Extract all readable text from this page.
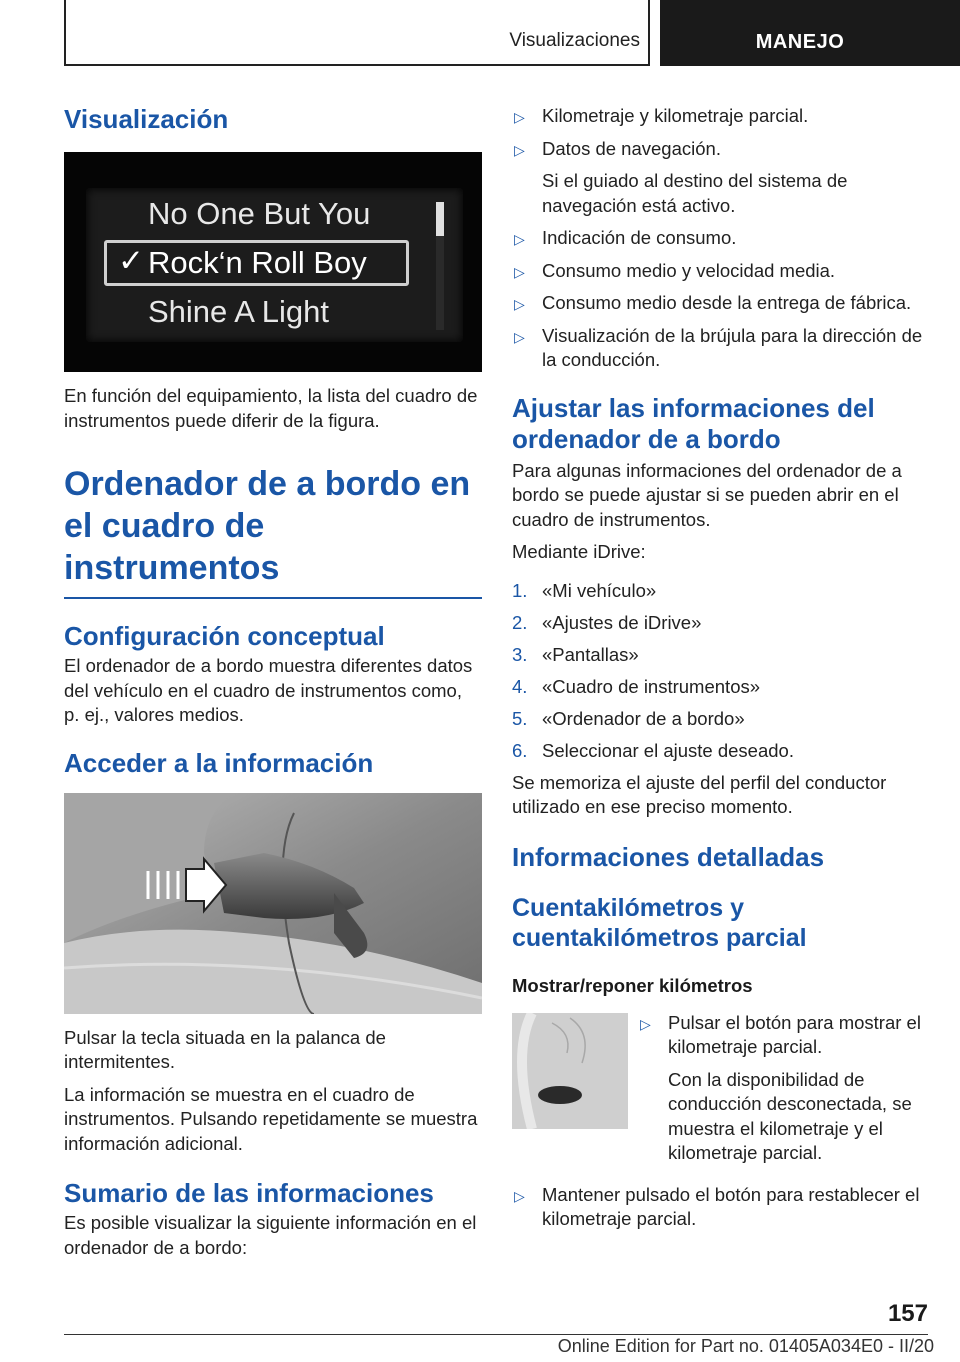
Visualizaciones	MANEJO
Visualización
No One But You
✓ Rock‘n Roll Boy
Shine A Light
En función del equipamiento, la lista del cuadro de instrumentos puede diferir de la figura.
Ordenador de a bordo en el cuadro de instrumentos
Configuración conceptual
El ordenador de a bordo muestra diferentes datos del vehículo en el cuadro de instrumentos como, p. ej., valores medios.
Acceder a la información
Pulsar la tecla situada en la palanca de intermitentes.
La información se muestra en el cuadro de instrumentos. Pulsando repetidamente se muestra información adicional.
Sumario de las informaciones
Es posible visualizar la siguiente información en el ordenador de a bordo:
▷ Kilometraje y kilometraje parcial.
▷ Datos de navegación.
Si el guiado al destino del sistema de navegación está activo.
▷ Indicación de consumo.
▷ Consumo medio y velocidad media.
▷ Consumo medio desde la entrega de fábrica.
▷ Visualización de la brújula para la dirección de la conducción.
Ajustar las informaciones del ordenador de a bordo
Para algunas informaciones del ordenador de a bordo se puede ajustar si se pueden abrir en el cuadro de instrumentos.
Mediante iDrive:
1. «Mi vehículo»
2. «Ajustes de iDrive»
3. «Pantallas»
4. «Cuadro de instrumentos»
5. «Ordenador de a bordo»
6. Seleccionar el ajuste deseado.
Se memoriza el ajuste del perfil del conductor utilizado en ese preciso momento.
Informaciones detalladas
Cuentakilómetros y cuentakilómetros parcial
Mostrar/reponer kilómetros
▷ Pulsar el botón para mostrar el kilometraje parcial.
Con la disponibilidad de conducción desconectada, se muestra el kilometraje y el kilometraje parcial.
▷ Mantener pulsado el botón para restablecer el kilometraje parcial.
157
Online Edition for Part no. 01405A034E0 - II/20
